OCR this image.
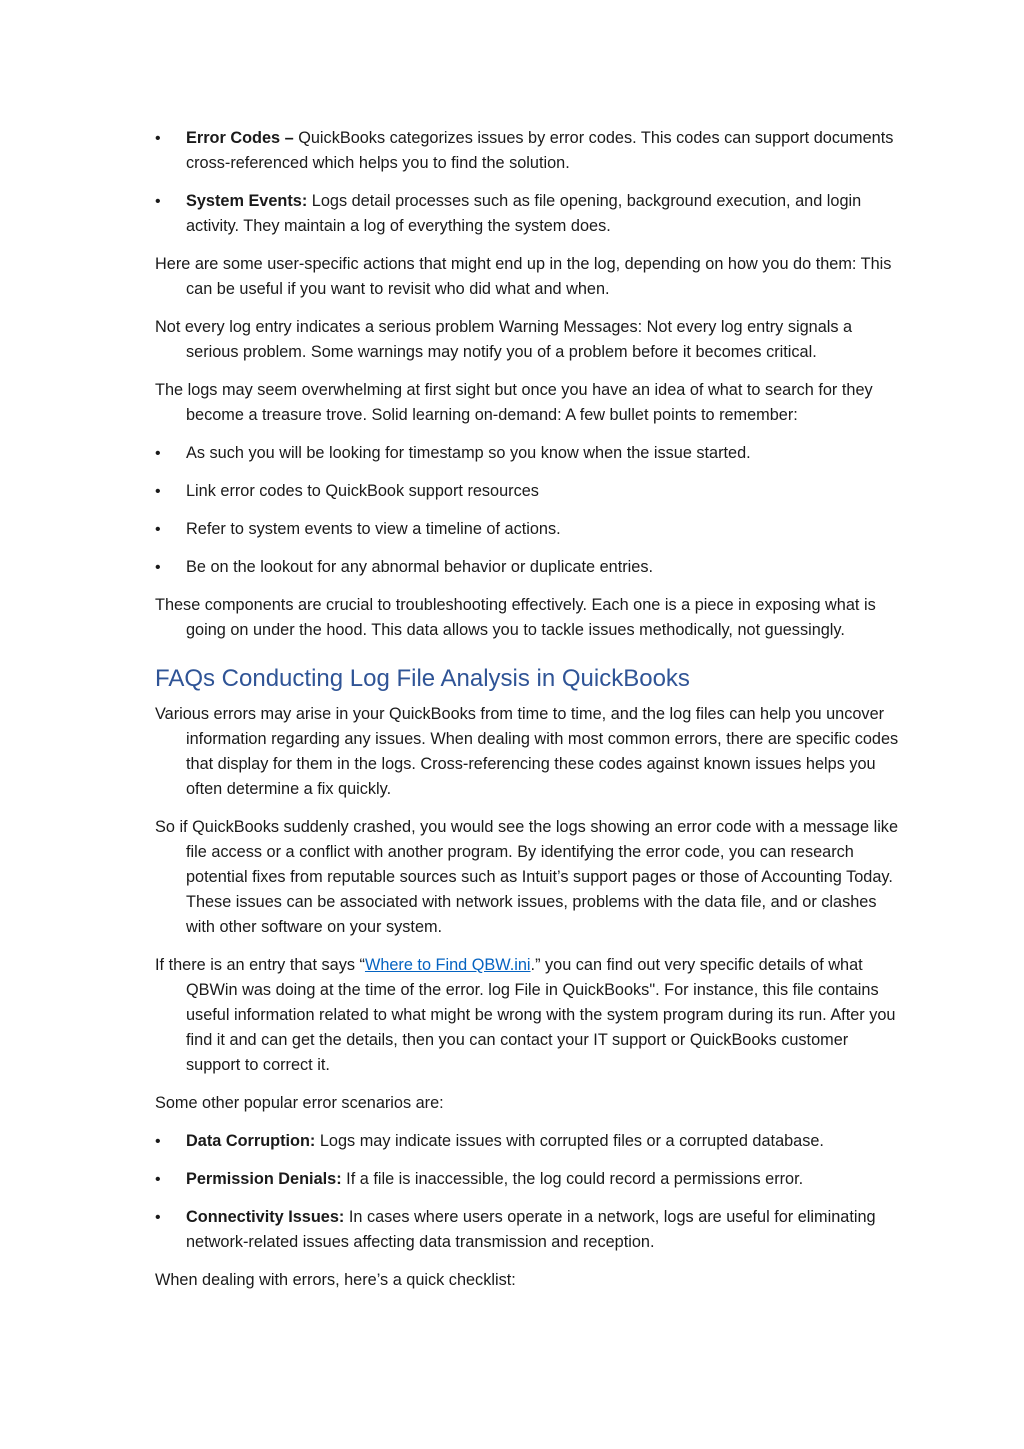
• Error Codes – QuickBooks categorizes issues by error codes. This codes can support documents cross-referenced which helps you to find the solution.
• System Events: Logs detail processes such as file opening, background execution, and login activity. They maintain a log of everything the system does.

Here are some user-specific actions that might end up in the log, depending on how you do them: This can be useful if you want to revisit who did what and when.

Not every log entry indicates a serious problem Warning Messages: Not every log entry signals a serious problem. Some warnings may notify you of a problem before it becomes critical.

The logs may seem overwhelming at first sight but once you have an idea of what to search for they become a treasure trove. Solid learning on-demand: A few bullet points to remember:

• As such you will be looking for timestamp so you know when the issue started.
• Link error codes to QuickBook support resources
• Refer to system events to view a timeline of actions.
• Be on the lookout for any abnormal behavior or duplicate entries.

These components are crucial to troubleshooting effectively. Each one is a piece in exposing what is going on under the hood. This data allows you to tackle issues methodically, not guessingly.

FAQs Conducting Log File Analysis in QuickBooks

Various errors may arise in your QuickBooks from time to time, and the log files can help you uncover information regarding any issues. When dealing with most common errors, there are specific codes that display for them in the logs. Cross-referencing these codes against known issues helps you often determine a fix quickly.

So if QuickBooks suddenly crashed, you would see the logs showing an error code with a message like file access or a conflict with another program. By identifying the error code, you can research potential fixes from reputable sources such as Intuit’s support pages or those of Accounting Today. These issues can be associated with network issues, problems with the data file, and or clashes with other software on your system.

If there is an entry that says “Where to Find QBW.ini.” you can find out very specific details of what QBWin was doing at the time of the error. log File in QuickBooks". For instance, this file contains useful information related to what might be wrong with the system program during its run. After you find it and can get the details, then you can contact your IT support or QuickBooks customer support to correct it.

Some other popular error scenarios are:

• Data Corruption: Logs may indicate issues with corrupted files or a corrupted database.
• Permission Denials: If a file is inaccessible, the log could record a permissions error.
• Connectivity Issues: In cases where users operate in a network, logs are useful for eliminating network-related issues affecting data transmission and reception.

When dealing with errors, here’s a quick checklist:
